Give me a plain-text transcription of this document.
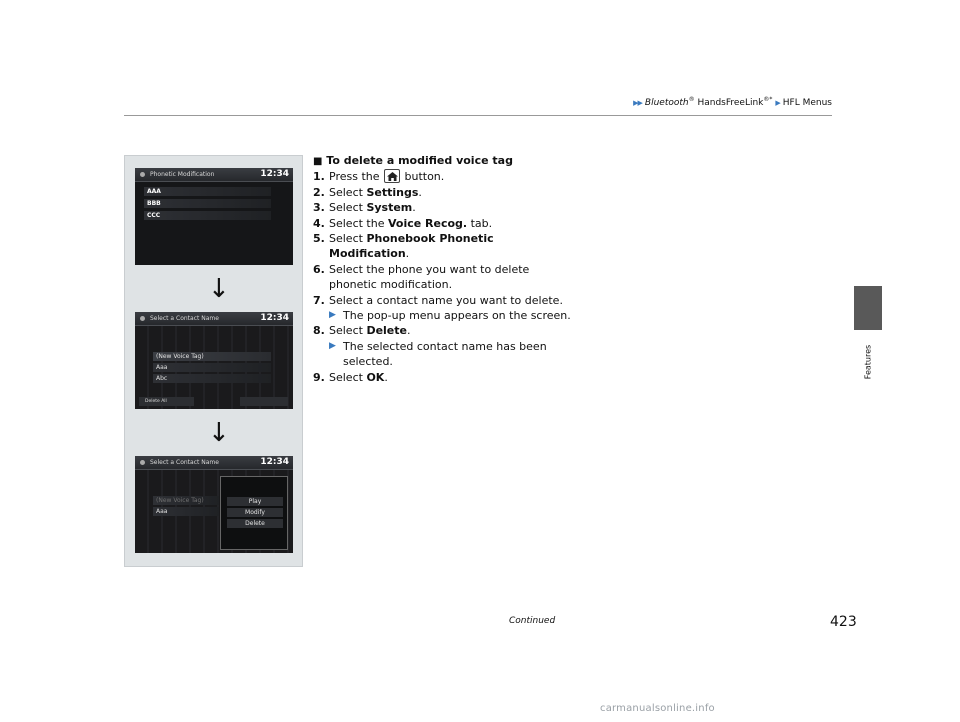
▶▶ Bluetooth® HandsFreeLink®* ▶ HFL Menus
Features
Phonetic Modification	12:34
AAA
BBB
CCC
↓
Select a Contact Name	12:34
(New Voice Tag)
Aaa
Abc
Delete All
↓
Select a Contact Name	12:34
(New Voice Tag)
Aaa
Play
Modify
Delete
■ To delete a modified voice tag
1. Press the
button.
2. Select Settings.
3. Select System.
4. Select the Voice Recog. tab.
5. Select Phonebook Phonetic Modification.
6. Select the phone you want to delete phonetic modification.
7. Select a contact name you want to delete.
▶ The pop-up menu appears on the screen.
8. Select Delete.
▶ The selected contact name has been selected.
9. Select OK.
Continued	423
carmanualsonline.info
